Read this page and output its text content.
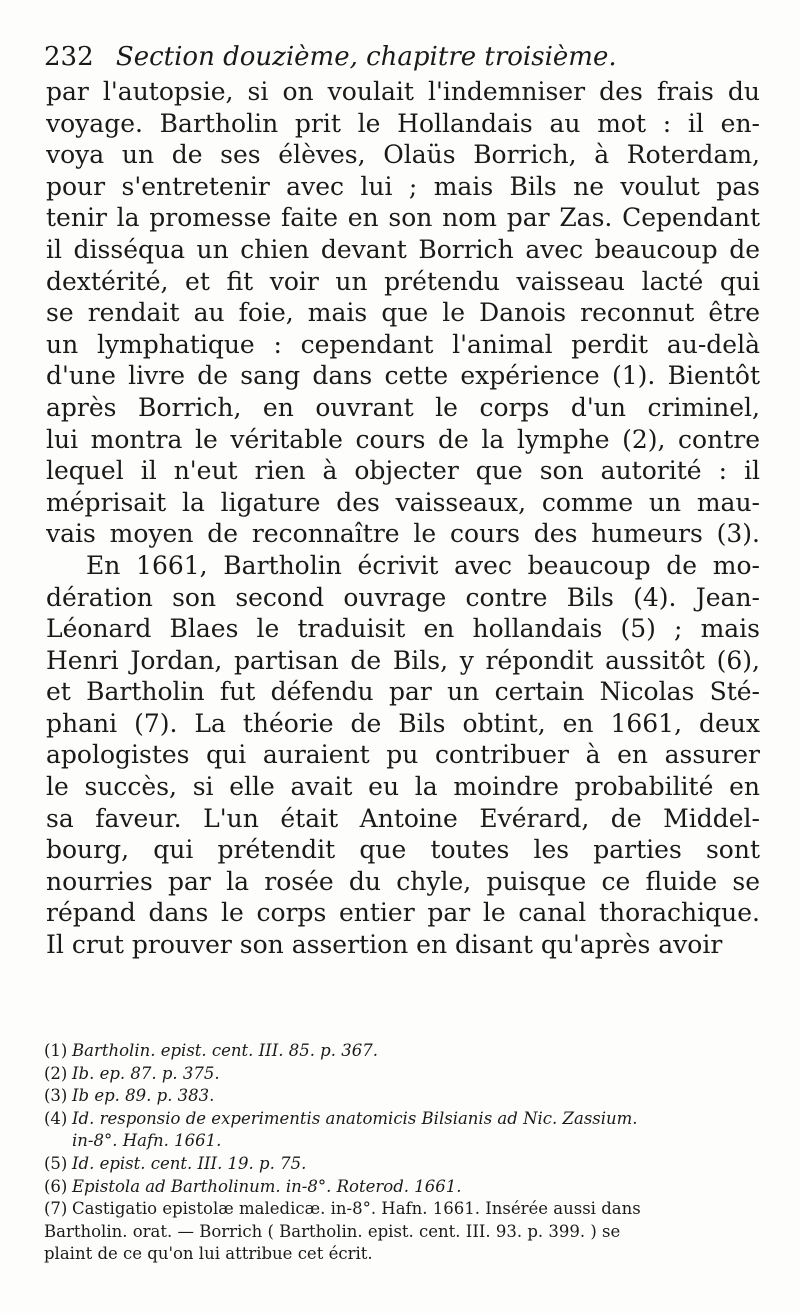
232 Section douzième, chapitre troisième.
par l'autopsie, si on voulait l'indemniser des frais du
voyage. Bartholin prit le Hollandais au mot : il en-
voya un de ses élèves, Olaüs Borrich, à Roterdam,
pour s'entretenir avec lui ; mais Bils ne voulut pas
tenir la promesse faite en son nom par Zas. Cependant
il disséqua un chien devant Borrich avec beaucoup de
dextérité, et fit voir un prétendu vaisseau lacté qui
se rendait au foie, mais que le Danois reconnut être
un lymphatique : cependant l'animal perdit au-delà
d'une livre de sang dans cette expérience (1). Bientôt
après Borrich, en ouvrant le corps d'un criminel,
lui montra le véritable cours de la lymphe (2), contre
lequel il n'eut rien à objecter que son autorité : il
méprisait la ligature des vaisseaux, comme un mau-
vais moyen de reconnaître le cours des humeurs (3).
En 1661, Bartholin écrivit avec beaucoup de mo-
dération son second ouvrage contre Bils (4). Jean-
Léonard Blaes le traduisit en hollandais (5) ; mais
Henri Jordan, partisan de Bils, y répondit aussitôt (6),
et Bartholin fut défendu par un certain Nicolas Sté-
phani (7). La théorie de Bils obtint, en 1661, deux
apologistes qui auraient pu contribuer à en assurer
le succès, si elle avait eu la moindre probabilité en
sa faveur. L'un était Antoine Evérard, de Middel-
bourg, qui prétendit que toutes les parties sont
nourries par la rosée du chyle, puisque ce fluide se
répand dans le corps entier par le canal thorachique.
Il crut prouver son assertion en disant qu'après avoir
(1) Bartholin. epist. cent. III. 85. p. 367.
(2) Ib. ep. 87. p. 375.
(3) Ib ep. 89. p. 383.
(4) Id. responsio de experimentis anatomicis Bilsianis ad Nic. Zassium.
in-8°. Hafn. 1661.
(5) Id. epist. cent. III. 19. p. 75.
(6) Epistola ad Bartholinum. in-8°. Roterod. 1661.
(7) Castigatio epistolæ maledicæ. in-8°. Hafn. 1661. Insérée aussi dans
Bartholin. orat. — Borrich ( Bartholin. epist. cent. III. 93. p. 399. ) se
plaint de ce qu'on lui attribue cet écrit.
